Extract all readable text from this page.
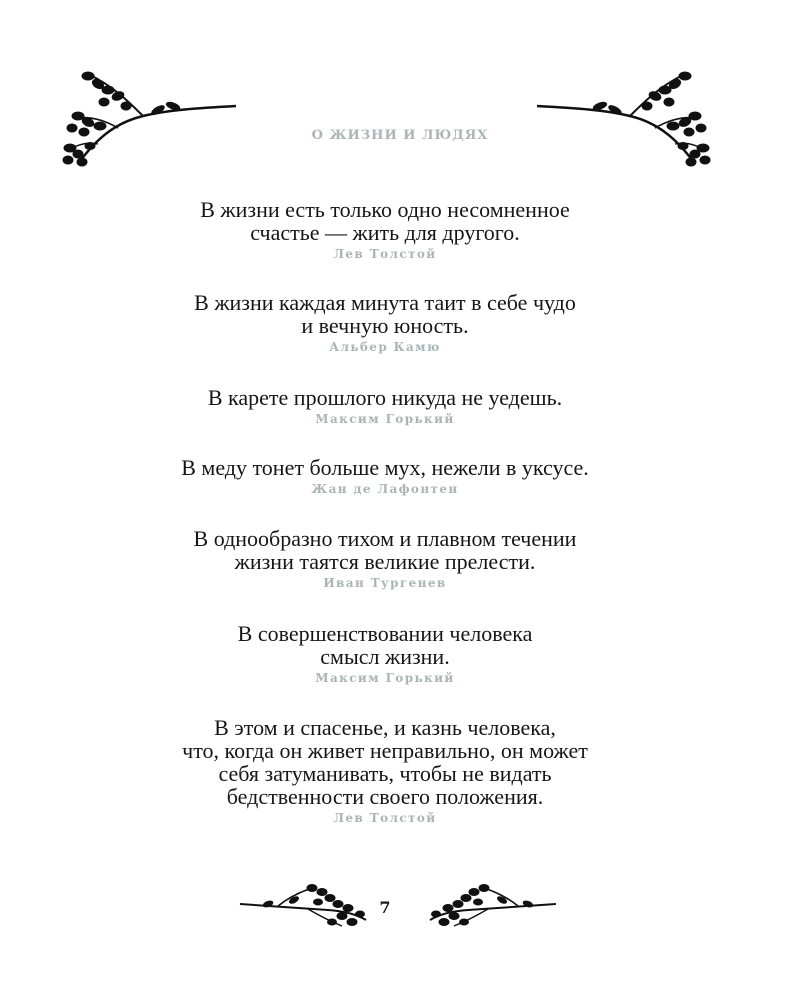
О ЖИЗНИ И ЛЮДЯХ

В жизни есть только одно несомненное
счастье — жить для другого.

Лев Толстой

В жизни каждая минута таит в себе чудо
и вечную юность.

Альбер Камю

В карете прошлого никуда не уедешь.

Максим Горький

В меду тонет больше мух, нежели в уксусе.

Жан де Лафонтен

В однообразно тихом и плавном течении
жизни таятся великие прелести.

Иван Тургенев

В совершенствовании человека
смысл жизни.

Максим Горький

В этом и спасенье, и казнь человека,
что, когда он живет неправильно, он может
себя затуманивать, чтобы не видать
бедственности своего положения.

Лев Толстой
7
